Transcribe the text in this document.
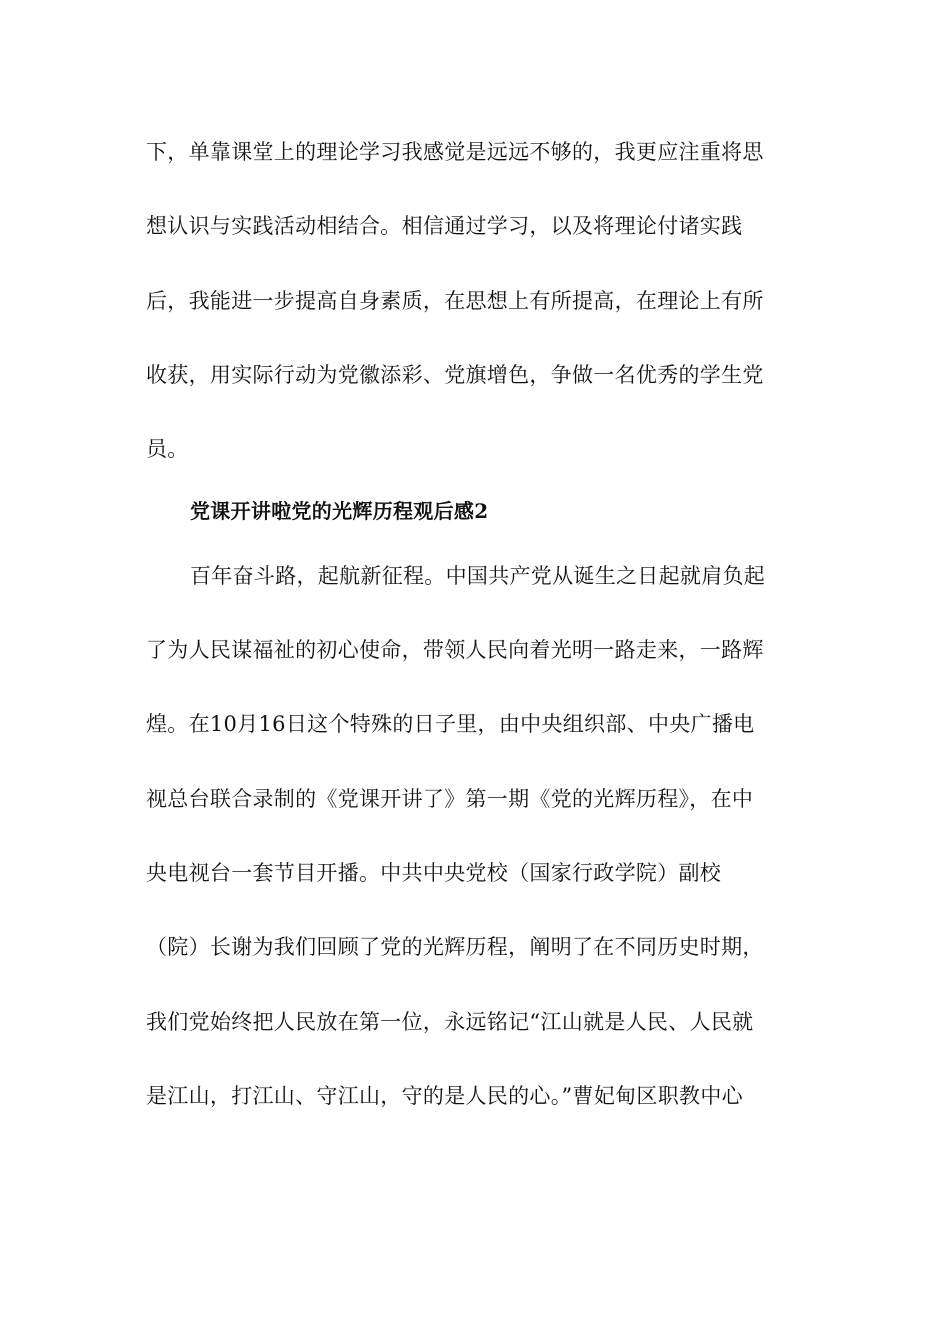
下，单靠课堂上的理论学习我感觉是远远不够的，我更应注重将思
想认识与实践活动相结合。相信通过学习，以及将理论付诸实践
后，我能进一步提高自身素质，在思想上有所提高，在理论上有所
收获，用实际行动为党徽添彩、党旗增色，争做一名优秀的学生党
员。
党课开讲啦党的光辉历程观后感2
百年奋斗路，起航新征程。中国共产党从诞生之日起就肩负起
了为人民谋福祉的初心使命，带领人民向着光明一路走来，一路辉
煌。在10月16日这个特殊的日子里，由中央组织部、中央广播电
视总台联合录制的《党课开讲了》第一期《党的光辉历程》，在中
央电视台一套节目开播。中共中央党校（国家行政学院）副校
（院）长谢为我们回顾了党的光辉历程，阐明了在不同历史时期，
我们党始终把人民放在第一位，永远铭记“江山就是人民、人民就
是江山，打江山、守江山，守的是人民的心。”曹妃甸区职教中心
